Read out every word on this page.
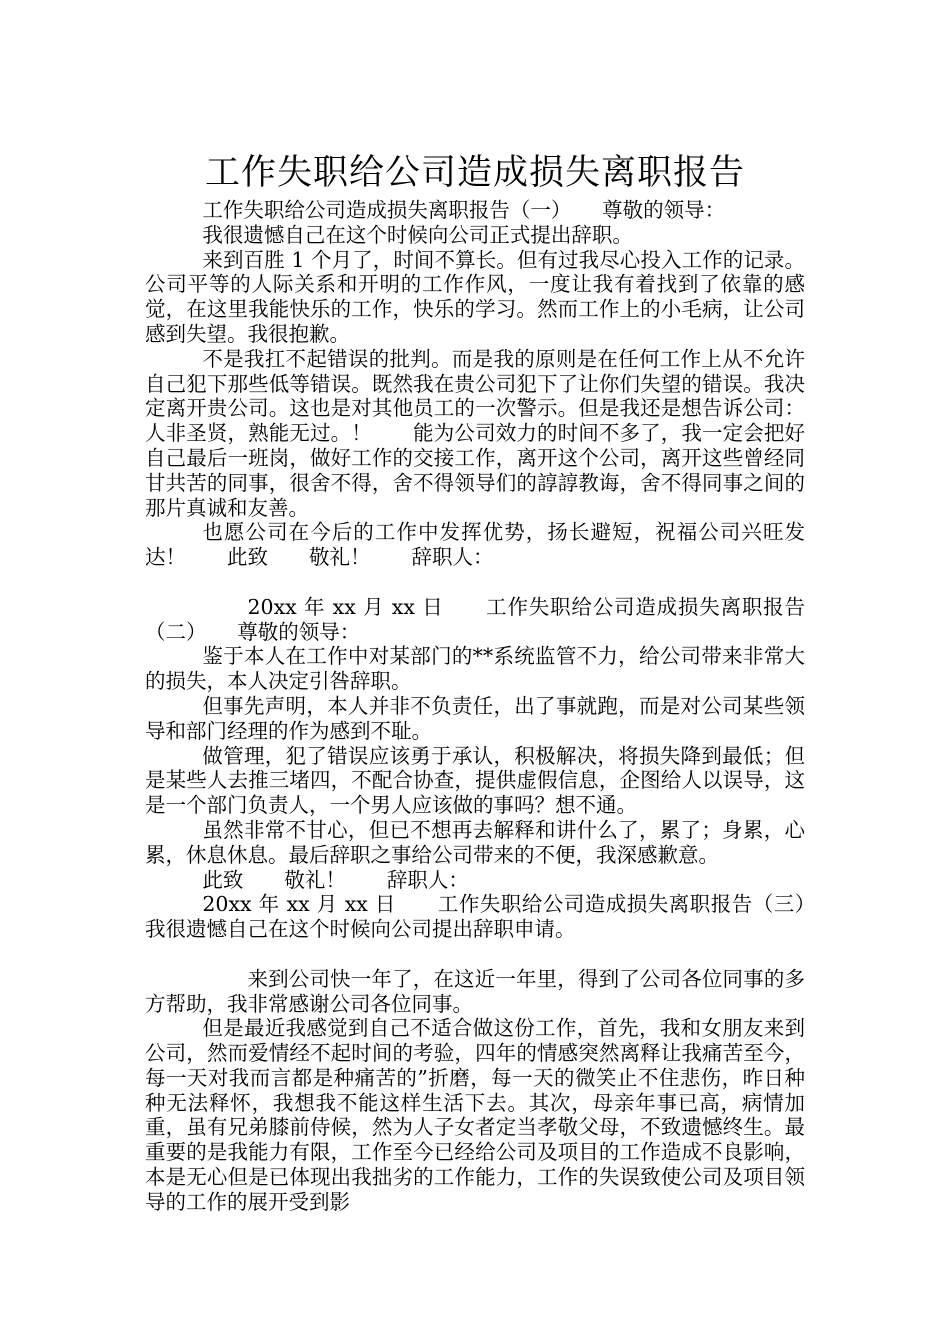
工作失职给公司造成损失离职报告

工作失职给公司造成损失离职报告（一）　　尊敬的领导：

我很遗憾自己在这个时候向公司正式提出辞职。

来到百胜 1 个月了，时间不算长。但有过我尽心投入工作的记录。公司平等的人际关系和开明的工作作风，一度让我有着找到了依靠的感觉，在这里我能快乐的工作，快乐的学习。然而工作上的小毛病，让公司感到失望。我很抱歉。

不是我扛不起错误的批判。而是我的原则是在任何工作上从不允许自己犯下那些低等错误。既然我在贵公司犯下了让你们失望的错误。我决定离开贵公司。这也是对其他员工的一次警示。但是我还是想告诉公司：人非圣贤，熟能无过。！　　能为公司效力的时间不多了，我一定会把好自己最后一班岗，做好工作的交接工作，离开这个公司，离开这些曾经同甘共苦的同事，很舍不得，舍不得领导们的諄諄教诲，舍不得同事之间的那片真诚和友善。

也愿公司在今后的工作中发挥优势，扬长避短，祝福公司兴旺发达！　　此致　　敬礼！　　辞职人：

20xx 年 xx 月 xx 日　　工作失职给公司造成损失离职报告（二）　　尊敬的领导：

鉴于本人在工作中对某部门的**系统监管不力，给公司带来非常大的损失，本人决定引咎辞职。

但事先声明，本人并非不负责任，出了事就跑，而是对公司某些领导和部门经理的作为感到不耻。

做管理，犯了错误应该勇于承认，积极解决，将损失降到最低；但是某些人去推三堵四，不配合协查，提供虚假信息，企图给人以误导，这是一个部门负责人，一个男人应该做的事吗？想不通。

虽然非常不甘心，但已不想再去解释和讲什么了，累了；身累，心累，休息休息。最后辞职之事给公司带来的不便，我深感歉意。

此致　　敬礼！　　辞职人：

20xx 年 xx 月 xx 日　　工作失职给公司造成损失离职报告（三）　　我很遗憾自己在这个时候向公司提出辞职申请。

来到公司快一年了，在这近一年里，得到了公司各位同事的多方帮助，我非常感谢公司各位同事。

但是最近我感觉到自己不适合做这份工作，首先，我和女朋友来到公司，然而爱情经不起时间的考验，四年的情感突然离释让我痛苦至今，每一天对我而言都是种痛苦的”折磨，每一天的微笑止不住悲伤，昨日种种无法释怀，我想我不能这样生活下去。其次，母亲年事已高，病情加重，虽有兄弟膝前侍候，然为人子女者定当孝敬父母，不致遗憾终生。最重要的是我能力有限，工作至今已经给公司及项目的工作造成不良影响，本是无心但是已体现出我拙劣的工作能力，工作的失误致使公司及项目领导的工作的展开受到影
